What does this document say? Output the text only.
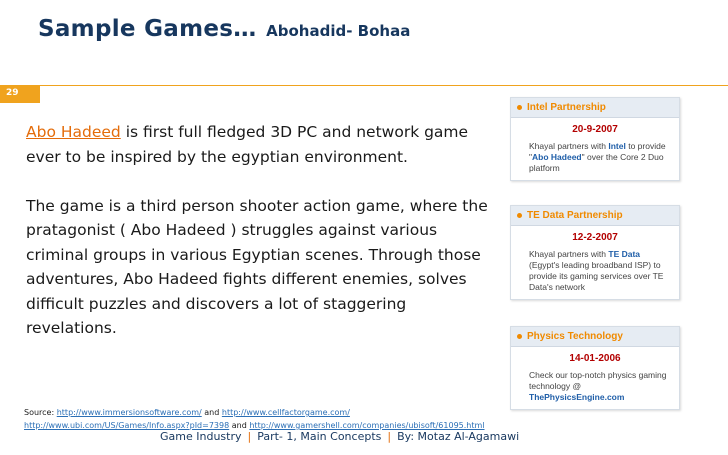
Sample Games… Abohadid- Bohaa
29

Abo Hadeed is first full fledged 3D PC and network game ever to be inspired by the egyptian environment.

The game is a third person shooter action game, where the pratagonist ( Abo Hadeed ) struggles against various criminal groups in various Egyptian scenes. Through those adventures, Abo Hadeed fights different enemies, solves difficult puzzles and discovers a lot of staggering revelations.

Intel Partnership
20-9-2007
Khayal partners with Intel to provide "Abo Hadeed" over the Core 2 Duo platform
TE Data Partnership
12-2-2007
Khayal partners with TE Data (Egypt's leading broadband ISP) to provide its gaming services over TE Data's network
Physics Technology
14-01-2006
Check our top-notch physics gaming technology @ ThePhysicsEngine.com
Source: http://www.immersionsoftware.com/ and http://www.cellfactorgame.com/
http://www.ubi.com/US/Games/Info.aspx?pId=7398 and http://www.gamershell.com/companies/ubisoft/61095.html
Game Industry | Part- 1, Main Concepts | By: Motaz Al-Agamawi
